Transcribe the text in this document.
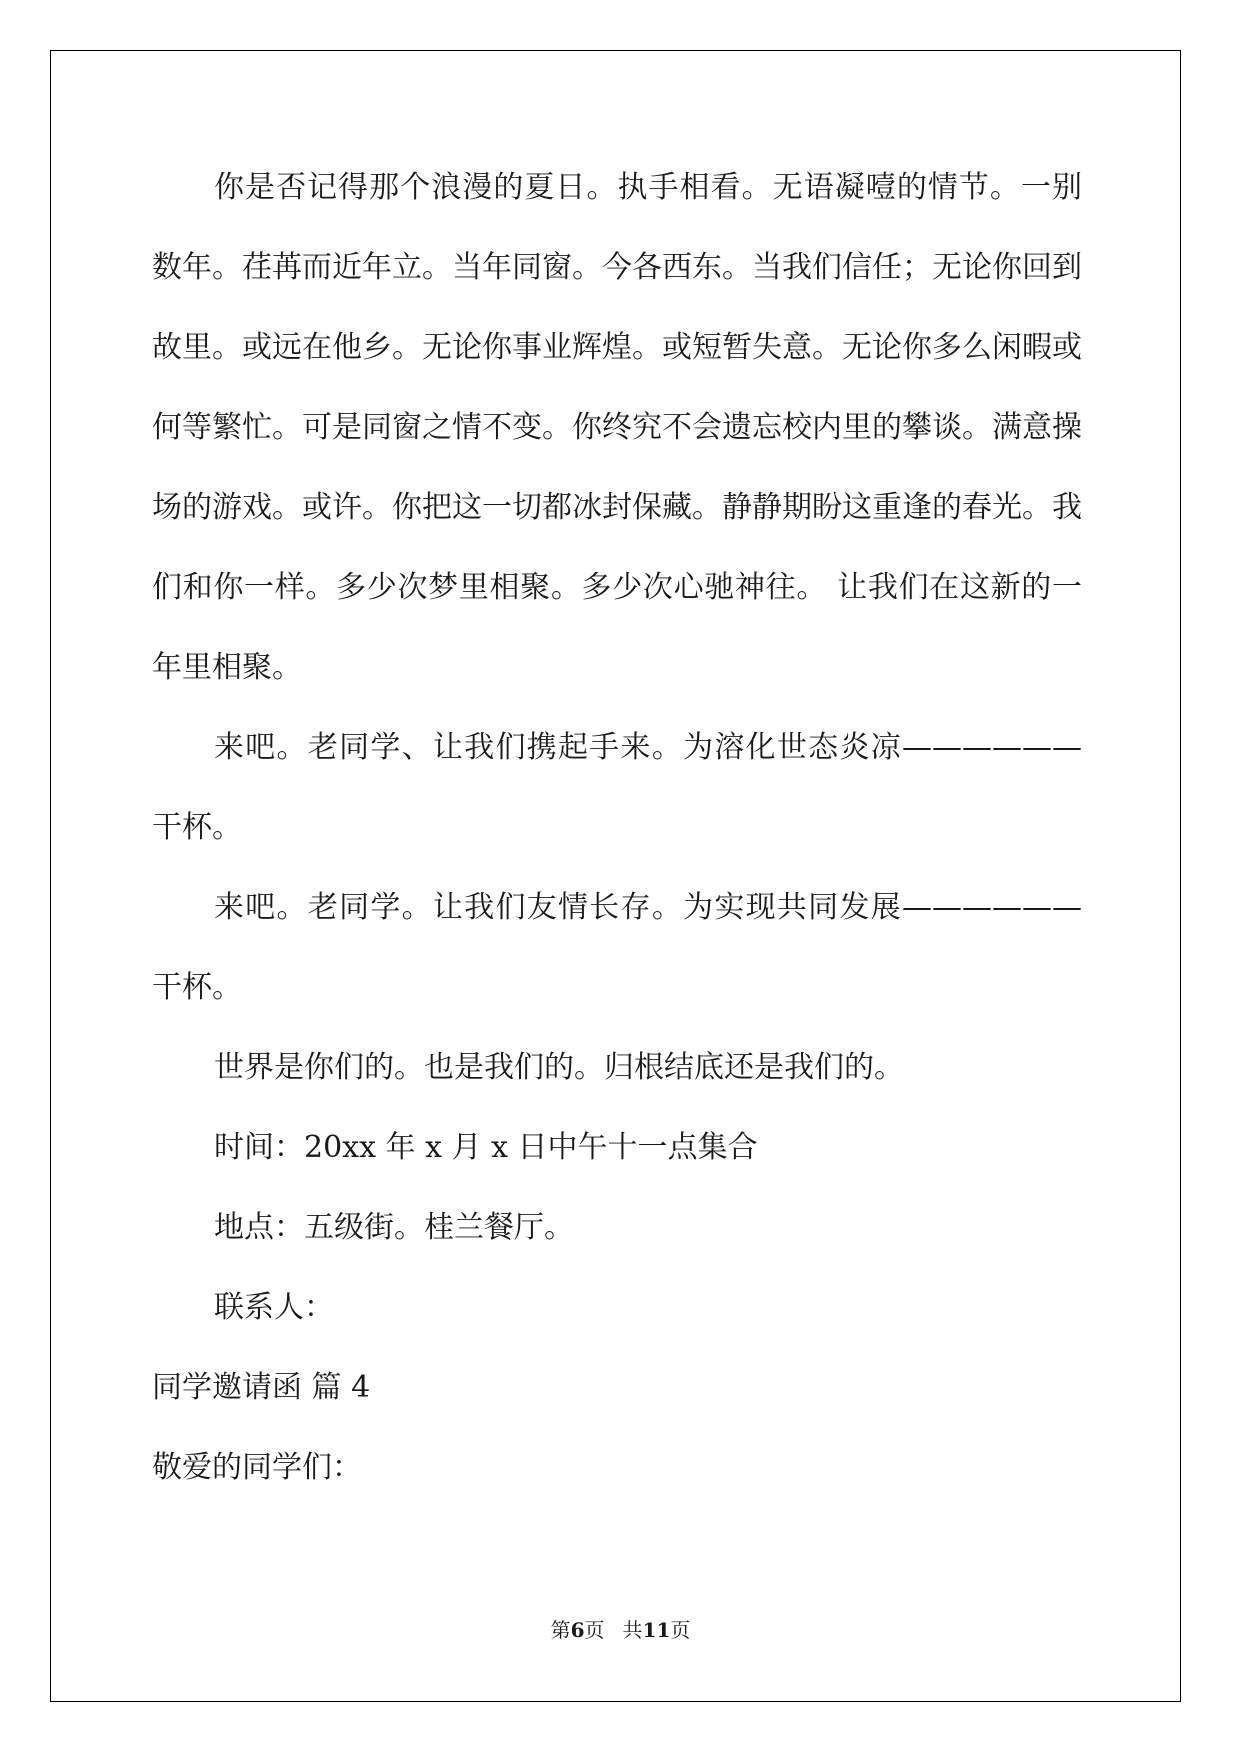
你是否记得那个浪漫的夏日。执手相看。无语凝噎的情节。一别数年。荏苒而近年立。当年同窗。今各西东。当我们信任；无论你回到故里。或远在他乡。无论你事业辉煌。或短暂失意。无论你多么闲暇或何等繁忙。可是同窗之情不变。你终究不会遗忘校内里的攀谈。满意操场的游戏。或许。你把这一切都冰封保藏。静静期盼这重逢的春光。我们和你一样。多少次梦里相聚。多少次心驰神往。 让我们在这新的一年里相聚。

来吧。老同学、让我们携起手来。为溶化世态炎凉——————干杯。

来吧。老同学。让我们友情长存。为实现共同发展——————干杯。

世界是你们的。也是我们的。归根结底还是我们的。

时间：20xx 年 x 月 x 日中午十一点集合

地点：五级街。桂兰餐厅。

联系人：

同学邀请函 篇 4

敬爱的同学们：

第6页 共11页
